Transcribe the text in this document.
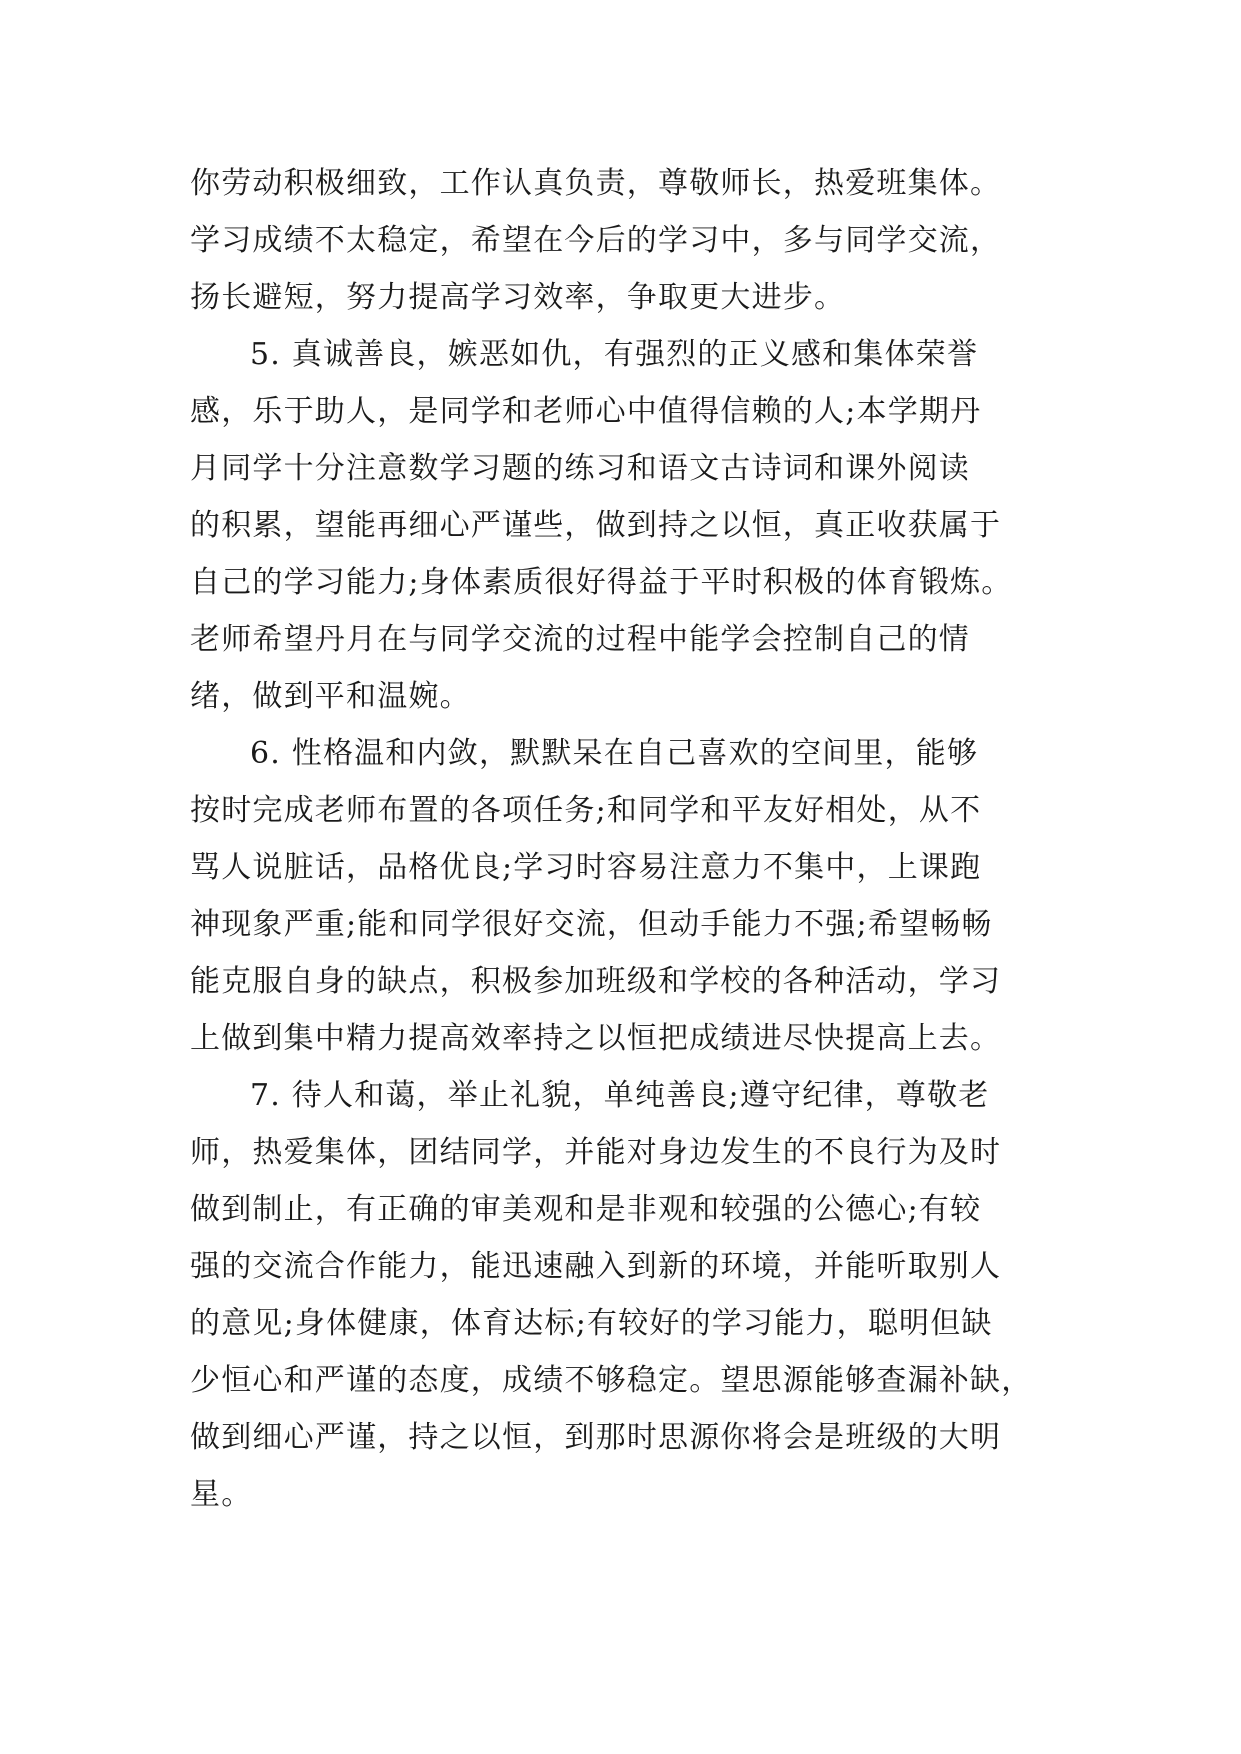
你劳动积极细致，工作认真负责，尊敬师长，热爱班集体。
学习成绩不太稳定，希望在今后的学习中，多与同学交流，
扬长避短，努力提高学习效率，争取更大进步。

5. 真诚善良，嫉恶如仇，有强烈的正义感和集体荣誉
感，乐于助人，是同学和老师心中值得信赖的人;本学期丹
月同学十分注意数学习题的练习和语文古诗词和课外阅读
的积累，望能再细心严谨些，做到持之以恒，真正收获属于
自己的学习能力;身体素质很好得益于平时积极的体育锻炼。
老师希望丹月在与同学交流的过程中能学会控制自己的情
绪，做到平和温婉。

6. 性格温和内敛，默默呆在自己喜欢的空间里，能够
按时完成老师布置的各项任务;和同学和平友好相处，从不
骂人说脏话，品格优良;学习时容易注意力不集中，上课跑
神现象严重;能和同学很好交流，但动手能力不强;希望畅畅
能克服自身的缺点，积极参加班级和学校的各种活动，学习
上做到集中精力提高效率持之以恒把成绩进尽快提高上去。

7. 待人和蔼，举止礼貌，单纯善良;遵守纪律，尊敬老
师，热爱集体，团结同学，并能对身边发生的不良行为及时
做到制止，有正确的审美观和是非观和较强的公德心;有较
强的交流合作能力，能迅速融入到新的环境，并能听取别人
的意见;身体健康，体育达标;有较好的学习能力，聪明但缺
少恒心和严谨的态度，成绩不够稳定。望思源能够查漏补缺，
做到细心严谨，持之以恒，到那时思源你将会是班级的大明
星。
